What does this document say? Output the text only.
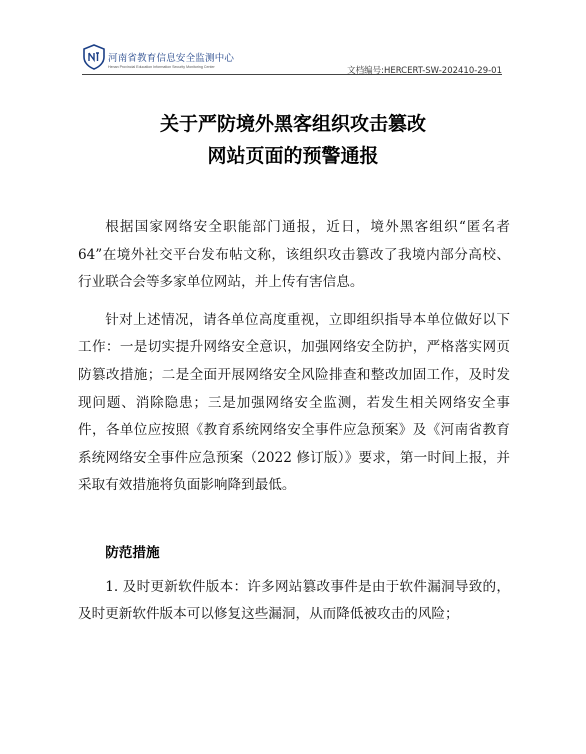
河南省教育信息安全监测中心
Henan Provincial Education Information Security Monitoring Center	文档编号:HERCERT-SW-202410-29-01
关于严防境外黑客组织攻击篡改
网站页面的预警通报

根据国家网络安全职能部门通报，近日，境外黑客组织“匿名者64”在境外社交平台发布帖文称，该组织攻击篡改了我境内部分高校、行业联合会等多家单位网站，并上传有害信息。

针对上述情况，请各单位高度重视，立即组织指导本单位做好以下工作：一是切实提升网络安全意识，加强网络安全防护，严格落实网页防篡改措施；二是全面开展网络安全风险排查和整改加固工作，及时发现问题、消除隐患；三是加强网络安全监测，若发生相关网络安全事件，各单位应按照《教育系统网络安全事件应急预案》及《河南省教育系统网络安全事件应急预案（2022 修订版）》要求，第一时间上报，并采取有效措施将负面影响降到最低。

防范措施

1. 及时更新软件版本：许多网站篡改事件是由于软件漏洞导致的，及时更新软件版本可以修复这些漏洞，从而降低被攻击的风险；
